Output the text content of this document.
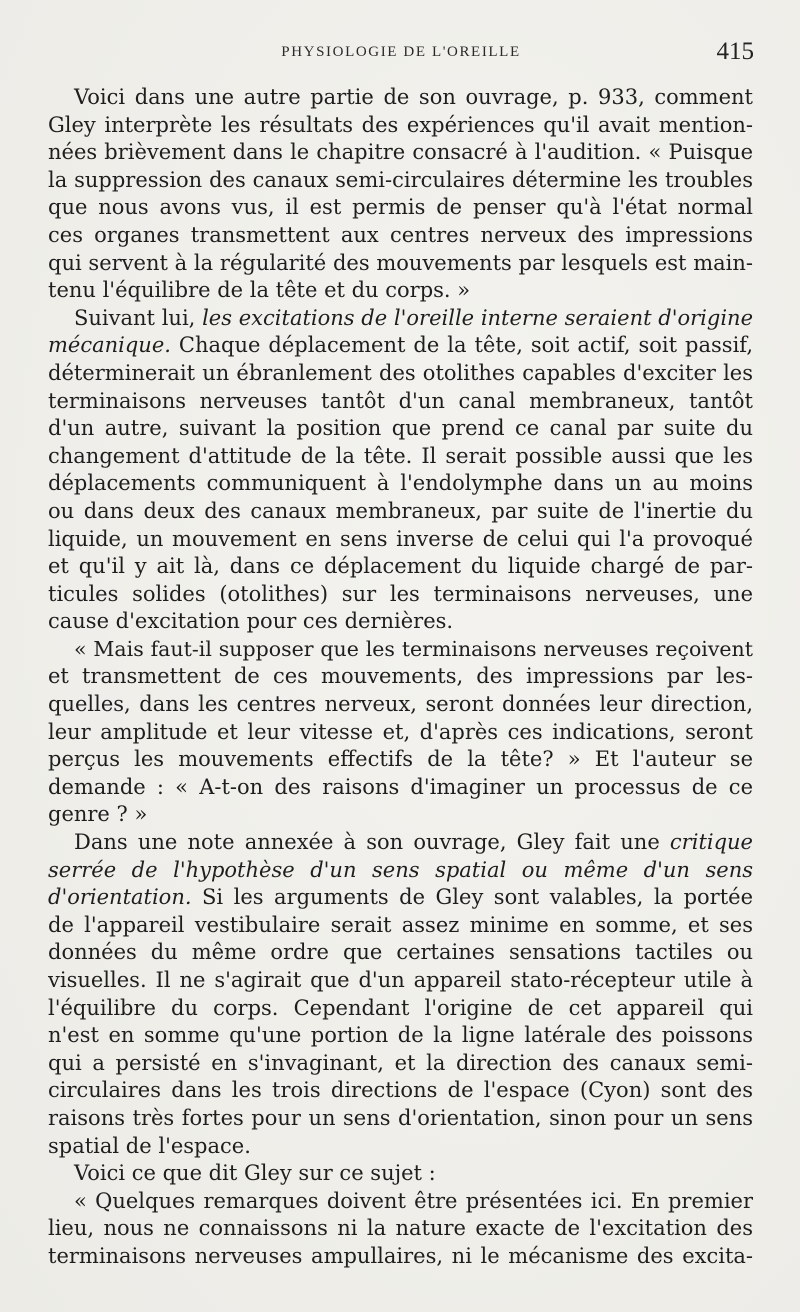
PHYSIOLOGIE DE L'OREILLE	415
Voici dans une autre partie de son ouvrage, p. 933, comment
Gley interprète les résultats des expériences qu'il avait mention-
nées brièvement dans le chapitre consacré à l'audition. « Puisque
la suppression des canaux semi-circulaires détermine les troubles
que nous avons vus, il est permis de penser qu'à l'état normal
ces organes transmettent aux centres nerveux des impressions
qui servent à la régularité des mouvements par lesquels est main-
tenu l'équilibre de la tête et du corps. »
Suivant lui, les excitations de l'oreille interne seraient d'origine
mécanique. Chaque déplacement de la tête, soit actif, soit passif,
déterminerait un ébranlement des otolithes capables d'exciter les
terminaisons nerveuses tantôt d'un canal membraneux, tantôt
d'un autre, suivant la position que prend ce canal par suite du
changement d'attitude de la tête. Il serait possible aussi que les
déplacements communiquent à l'endolymphe dans un au moins
ou dans deux des canaux membraneux, par suite de l'inertie du
liquide, un mouvement en sens inverse de celui qui l'a provoqué
et qu'il y ait là, dans ce déplacement du liquide chargé de par-
ticules solides (otolithes) sur les terminaisons nerveuses, une
cause d'excitation pour ces dernières.
« Mais faut-il supposer que les terminaisons nerveuses reçoivent
et transmettent de ces mouvements, des impressions par les-
quelles, dans les centres nerveux, seront données leur direction,
leur amplitude et leur vitesse et, d'après ces indications, seront
perçus les mouvements effectifs de la tête? » Et l'auteur se
demande : « A-t-on des raisons d'imaginer un processus de ce
genre ? »
Dans une note annexée à son ouvrage, Gley fait une critique
serrée de l'hypothèse d'un sens spatial ou même d'un sens
d'orientation. Si les arguments de Gley sont valables, la portée
de l'appareil vestibulaire serait assez minime en somme, et ses
données du même ordre que certaines sensations tactiles ou
visuelles. Il ne s'agirait que d'un appareil stato-récepteur utile à
l'équilibre du corps. Cependant l'origine de cet appareil qui
n'est en somme qu'une portion de la ligne latérale des poissons
qui a persisté en s'invaginant, et la direction des canaux semi-
circulaires dans les trois directions de l'espace (Cyon) sont des
raisons très fortes pour un sens d'orientation, sinon pour un sens
spatial de l'espace.
Voici ce que dit Gley sur ce sujet :
« Quelques remarques doivent être présentées ici. En premier
lieu, nous ne connaissons ni la nature exacte de l'excitation des
terminaisons nerveuses ampullaires, ni le mécanisme des excita-
